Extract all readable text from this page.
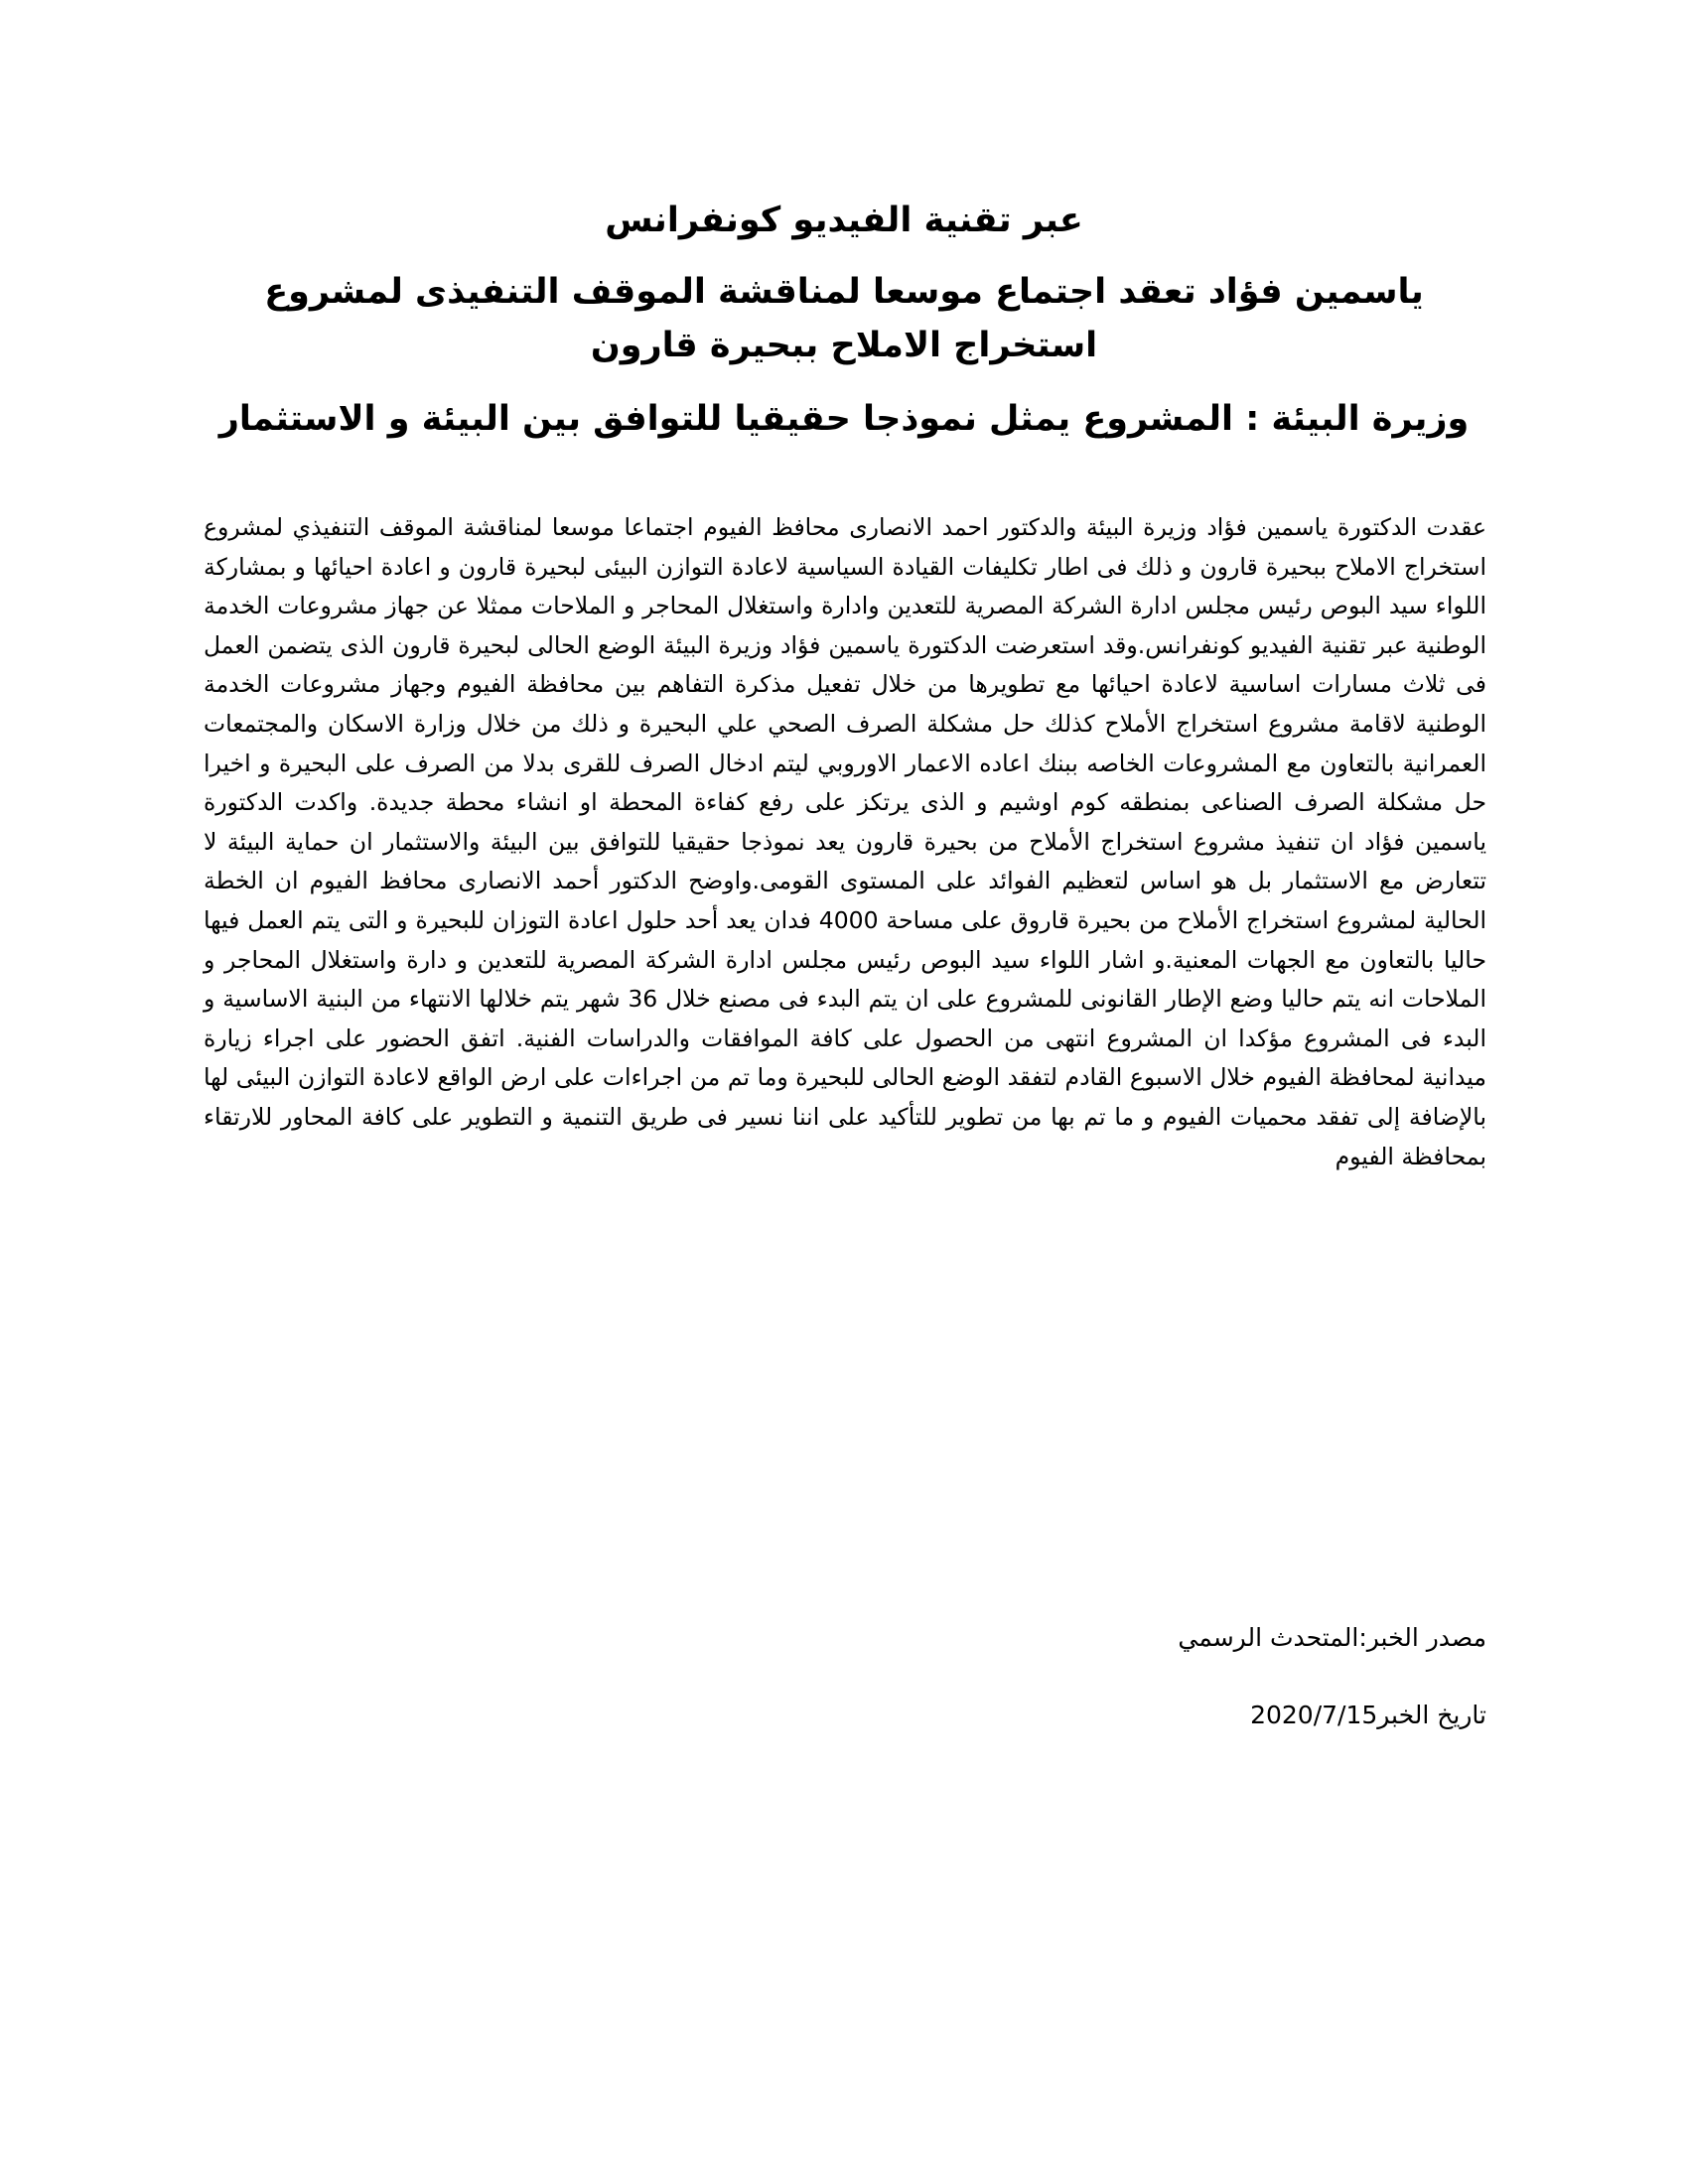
عبر تقنية الفيديو كونفرانس
ياسمين فؤاد تعقد اجتماع موسعا لمناقشة الموقف التنفيذى لمشروع استخراج الاملاح ببحيرة قارون
وزيرة البيئة : المشروع يمثل نموذجا حقيقيا للتوافق بين البيئة و الاستثمار

عقدت الدكتورة ياسمين فؤاد وزيرة البيئة والدكتور احمد الانصارى محافظ الفيوم اجتماعا موسعا لمناقشة الموقف التنفيذي لمشروع استخراج الاملاح ببحيرة قارون و ذلك فى اطار تكليفات القيادة السياسية لاعادة التوازن البيئى لبحيرة قارون و اعادة احيائها و بمشاركة اللواء سيد البوص رئيس مجلس ادارة الشركة المصرية للتعدين وادارة واستغلال المحاجر و الملاحات ممثلا عن جهاز مشروعات الخدمة الوطنية عبر تقنية الفيديو كونفرانس.وقد استعرضت الدكتورة ياسمين فؤاد وزيرة البيئة الوضع الحالى لبحيرة قارون الذى يتضمن العمل فى ثلاث مسارات اساسية لاعادة احيائها مع تطويرها من خلال تفعيل مذكرة التفاهم بين محافظة الفيوم وجهاز مشروعات الخدمة الوطنية لاقامة مشروع استخراج الأملاح كذلك حل مشكلة الصرف الصحي علي البحيرة و ذلك من خلال وزارة الاسكان والمجتمعات العمرانية بالتعاون مع المشروعات الخاصه ببنك اعاده الاعمار الاوروبي ليتم ادخال الصرف للقرى بدلا من الصرف على البحيرة و اخيرا حل مشكلة الصرف الصناعى بمنطقه كوم اوشيم و الذى يرتكز على رفع كفاءة المحطة او انشاء محطة جديدة. واكدت الدكتورة ياسمين فؤاد ان تنفيذ مشروع استخراج الأملاح من بحيرة قارون يعد نموذجا حقيقيا للتوافق بين البيئة والاستثمار ان حماية البيئة لا تتعارض مع الاستثمار بل هو اساس لتعظيم الفوائد على المستوى القومى.واوضح الدكتور أحمد الانصارى محافظ الفيوم ان الخطة الحالية لمشروع استخراج الأملاح من بحيرة قاروق على مساحة 4000 فدان يعد أحد حلول اعادة التوزان للبحيرة و التى يتم العمل فيها حاليا بالتعاون مع الجهات المعنية.و اشار اللواء سيد البوص رئيس مجلس ادارة الشركة المصرية للتعدين و دارة واستغلال المحاجر و الملاحات انه يتم حاليا وضع الإطار القانونى للمشروع على ان يتم البدء فى مصنع خلال 36 شهر يتم خلالها الانتهاء من البنية الاساسية و البدء فى المشروع مؤكدا ان المشروع انتهى من الحصول على كافة الموافقات والدراسات الفنية. اتفق الحضور على اجراء زيارة ميدانية لمحافظة الفيوم خلال الاسبوع القادم لتفقد الوضع الحالى للبحيرة وما تم من اجراءات على ارض الواقع لاعادة التوازن البيئى لها بالإضافة إلى تفقد محميات الفيوم و ما تم بها من تطوير للتأكيد على اننا نسير فى طريق التنمية و التطوير على كافة المحاور للارتقاء بمحافظة الفيوم

مصدر الخبر:المتحدث الرسمي
تاريخ الخبر2020/7/15
